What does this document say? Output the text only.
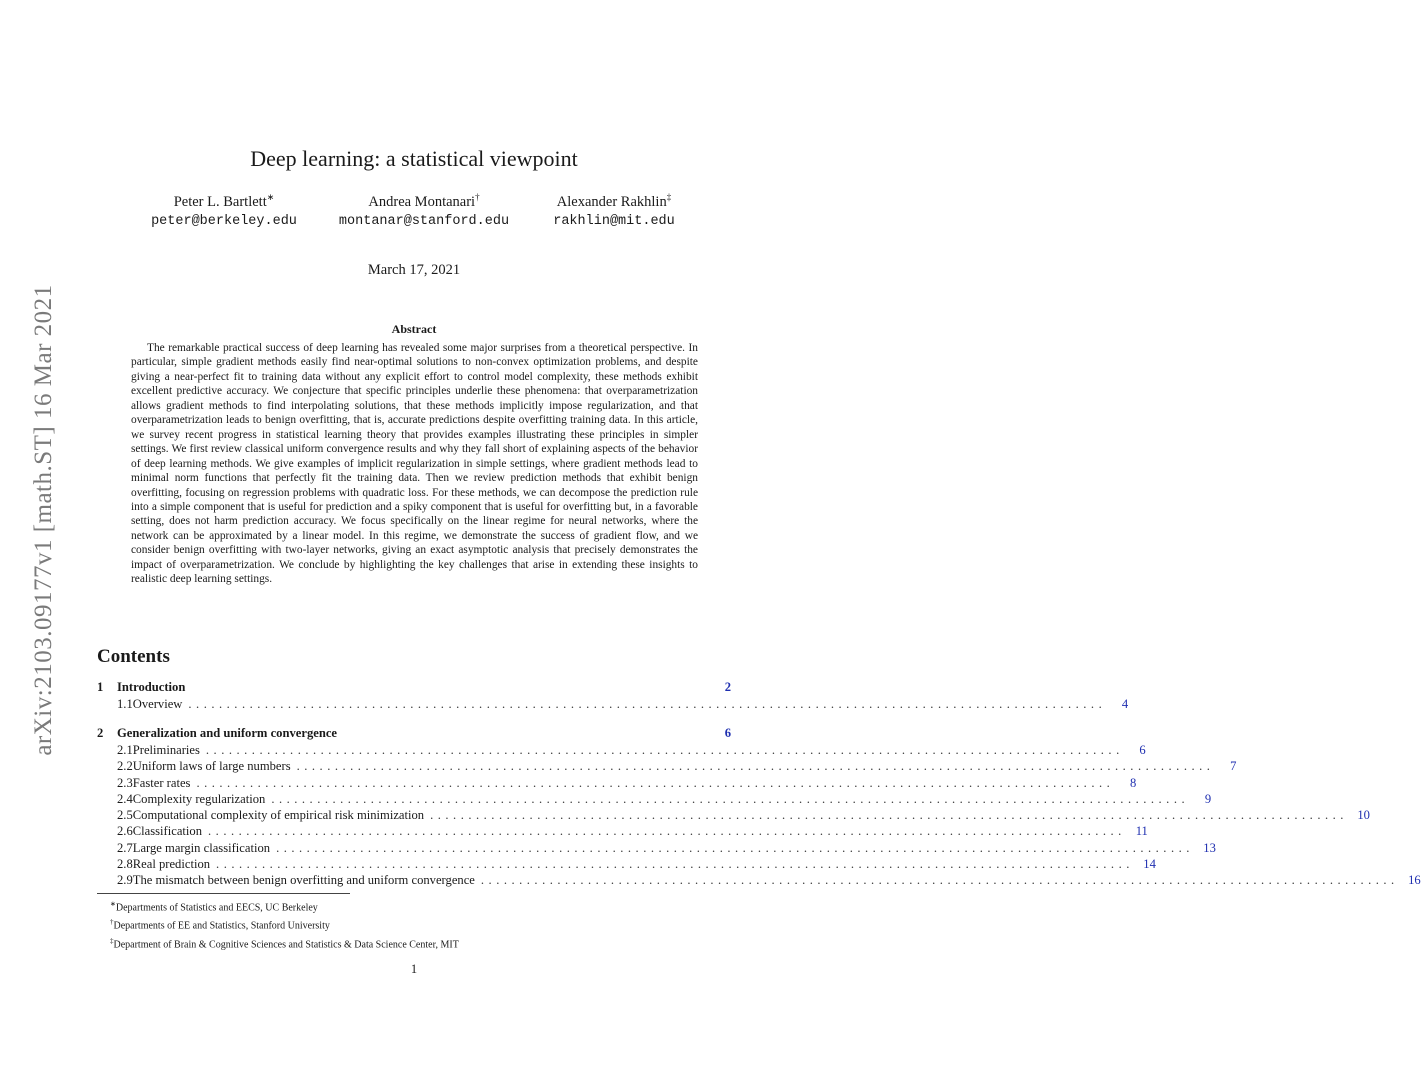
arXiv:2103.09177v1 [math.ST] 16 Mar 2021
Deep learning: a statistical viewpoint
Peter L. Bartlett∗
peter@berkeley.edu
Andrea Montanari†
montanar@stanford.edu
Alexander Rakhlin‡
rakhlin@mit.edu
March 17, 2021
Abstract

The remarkable practical success of deep learning has revealed some major surprises from a theoretical perspective. In particular, simple gradient methods easily find near-optimal solutions to non-convex optimization problems, and despite giving a near-perfect fit to training data without any explicit effort to control model complexity, these methods exhibit excellent predictive accuracy. We conjecture that specific principles underlie these phenomena: that overparametrization allows gradient methods to find interpolating solutions, that these methods implicitly impose regularization, and that overparametrization leads to benign overfitting, that is, accurate predictions despite overfitting training data. In this article, we survey recent progress in statistical learning theory that provides examples illustrating these principles in simpler settings. We first review classical uniform convergence results and why they fall short of explaining aspects of the behavior of deep learning methods. We give examples of implicit regularization in simple settings, where gradient methods lead to minimal norm functions that perfectly fit the training data. Then we review prediction methods that exhibit benign overfitting, focusing on regression problems with quadratic loss. For these methods, we can decompose the prediction rule into a simple component that is useful for prediction and a spiky component that is useful for overfitting but, in a favorable setting, does not harm prediction accuracy. We focus specifically on the linear regime for neural networks, where the network can be approximated by a linear model. In this regime, we demonstrate the success of gradient flow, and we consider benign overfitting with two-layer networks, giving an exact asymptotic analysis that precisely demonstrates the impact of overparametrization. We conclude by highlighting the key challenges that arise in extending these insights to realistic deep learning settings.

Contents
1	Introduction	2
1.1 Overview ........................................................................................................................	4
2	Generalization and uniform convergence	6
2.1 Preliminaries ........................................................................................................................	6
2.2 Uniform laws of large numbers ........................................................................................................................	7
2.3 Faster rates ........................................................................................................................	8
2.4 Complexity regularization ........................................................................................................................	9
2.5 Computational complexity of empirical risk minimization ........................................................................................................................ 10
2.6 Classification ........................................................................................................................ 11
2.7 Large margin classification ........................................................................................................................ 13
2.8 Real prediction ........................................................................................................................ 14
2.9 The mismatch between benign overfitting and uniform convergence ........................................................................................................................ 16
∗Departments of Statistics and EECS, UC Berkeley
†Departments of EE and Statistics, Stanford University
‡Department of Brain & Cognitive Sciences and Statistics & Data Science Center, MIT
1
